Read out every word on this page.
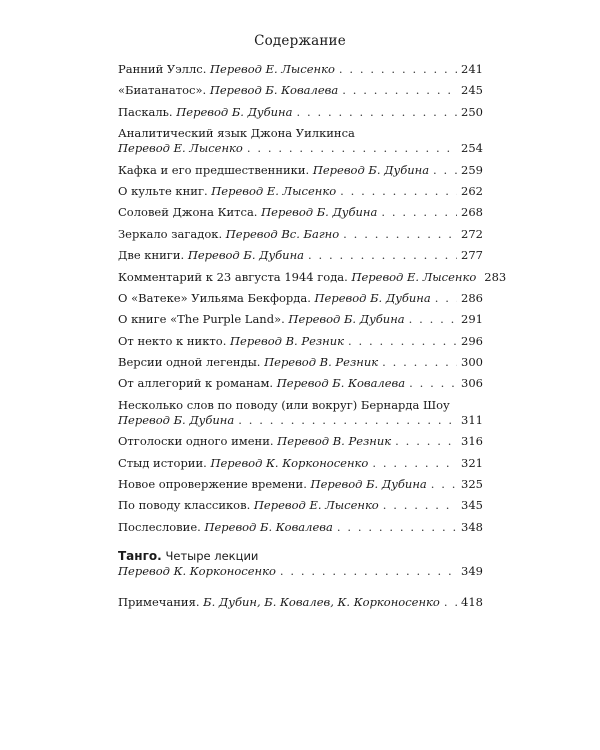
Содержание
Ранний Уэллс. Перевод Е. Лысенко . . .	241
«Биатанатос». Перевод Б. Ковалева . . .	245
Паскаль. Перевод Б. Дубина . . .	250
Аналитический язык Джона Уилкинса
Перевод Е. Лысенко . . .	254
Кафка и его предшественники. Перевод Б. Дубина . . .	259
О культе книг. Перевод Е. Лысенко . . .	262
Соловей Джона Китса. Перевод Б. Дубина . . .	268
Зеркало загадок. Перевод Вс. Багно . . .	272
Две книги. Перевод Б. Дубина . . .	277
Комментарий к 23 августа 1944 года. Перевод Е. Лысенко 283
О «Ватеке» Уильяма Бекфорда. Перевод Б. Дубина . . .	286
О книге «The Purple Land». Перевод Б. Дубина . . .	291
От некто к никто. Перевод В. Резник . . .	296
Версии одной легенды. Перевод В. Резник . . .	300
От аллегорий к романам. Перевод Б. Ковалева . . .	306
Несколько слов по поводу (или вокруг) Бернарда Шоу
Перевод Б. Дубина . . .	311
Отголоски одного имени. Перевод В. Резник . . .	316
Стыд истории. Перевод К. Корконосенко . . .	321
Новое опровержение времени. Перевод Б. Дубина . . .	325
По поводу классиков. Перевод Е. Лысенко . . .	345
Послесловие. Перевод Б. Ковалева . . .	348
Танго. Четыре лекции
Перевод К. Корконосенко . . .	349
Примечания. Б. Дубин, Б. Ковалев, К. Корконосенко . . . 418
